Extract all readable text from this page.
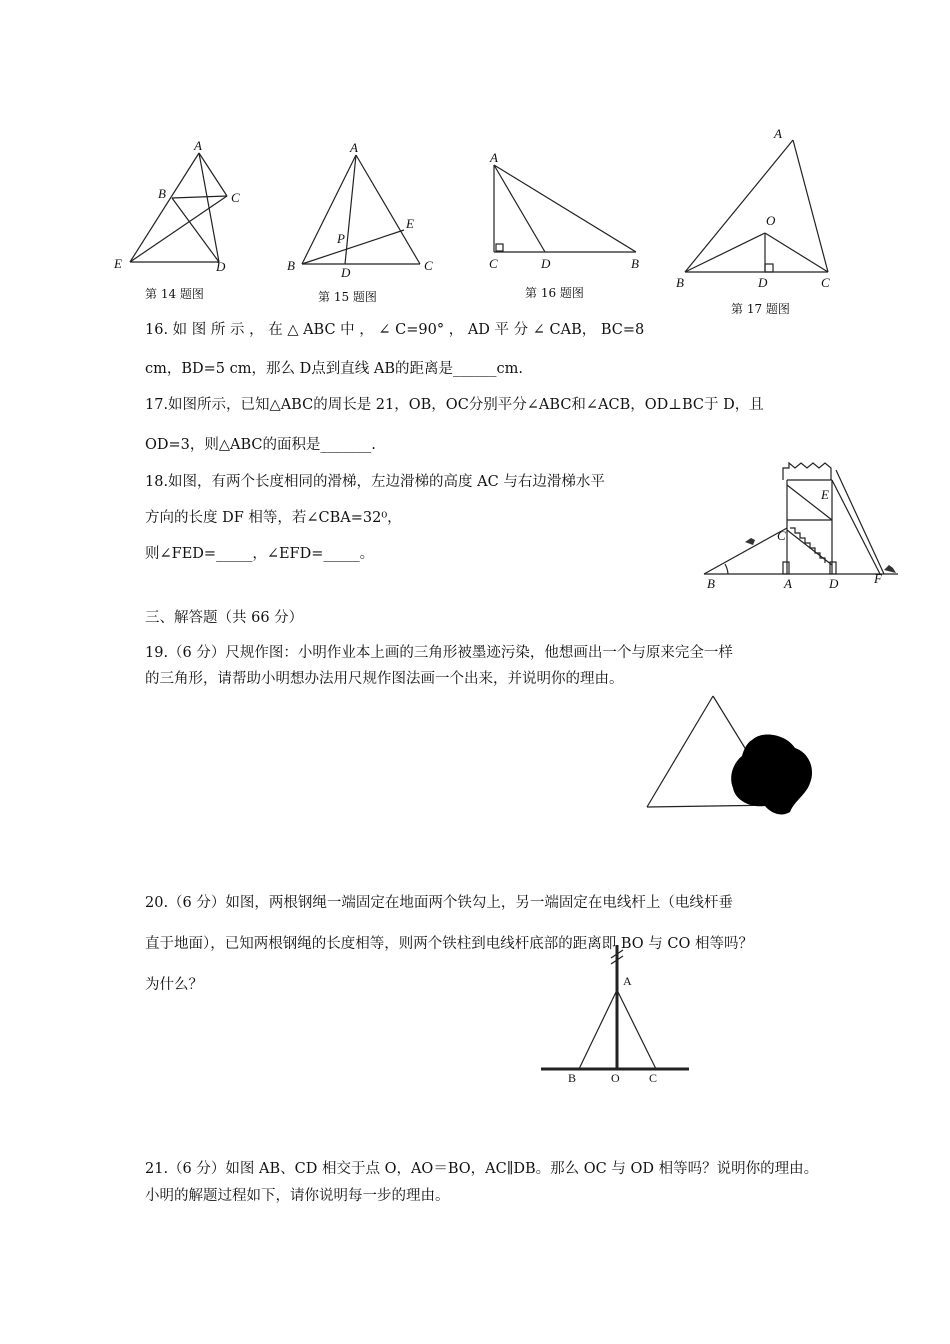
A
B	C
D
E
第 14 题图
A
B	C
D
E
P
第 15 题图
A
C	D	B
第 16 题图
A
B	C
D
O
第 17 题图
16. 如 图 所 示 ， 在 △ ABC 中 ， ∠ C=90° ， AD 平 分 ∠ CAB， BC=8
cm，BD=5 cm，那么 D点到直线 AB的距离是______cm.
17.如图所示，已知△ABC的周长是 21，OB，OC分别平分∠ABC和∠ACB，OD⊥BC于 D，且
OD=3，则△ABC的面积是_______.
18.如图，有两个长度相同的滑梯，左边滑梯的高度 AC 与右边滑梯水平
方向的长度 DF 相等，若∠CBA=32⁰，
则∠FED=_____，∠EFD=_____。
B	A
C
D
E
F
三、解答题（共 66 分）
19.（6 分）尺规作图：小明作业本上画的三角形被墨迹污染，他想画出一个与原来完全一样
的三角形，请帮助小明想办法用尺规作图法画一个出来，并说明你的理由。
20.（6 分）如图，两根钢绳一端固定在地面两个铁勾上，另一端固定在电线杆上（电线杆垂
直于地面），已知两根钢绳的长度相等，则两个铁柱到电线杆底部的距离即 BO 与 CO 相等吗？
为什么？	A
B	O C
21.（6 分）如图 AB、CD 相交于点 O，AO＝BO，AC∥DB。那么 OC 与 OD 相等吗？说明你的理由。
小明的解题过程如下，请你说明每一步的理由。
